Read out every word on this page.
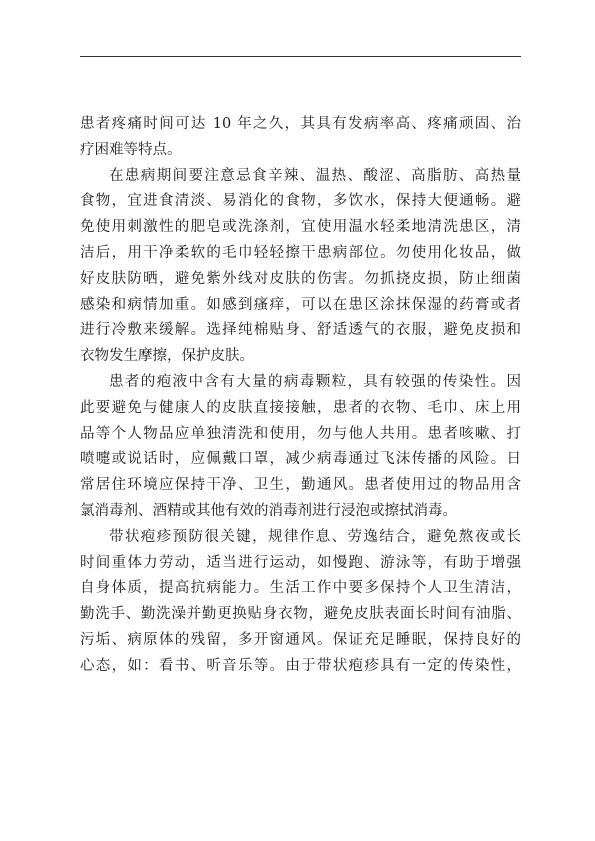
患者疼痛时间可达 10 年之久，其具有发病率高、疼痛顽固、治
疗困难等特点。
在患病期间要注意忌食辛辣、温热、酸涩、高脂肪、高热量
食物，宜进食清淡、易消化的食物，多饮水，保持大便通畅。避
免使用刺激性的肥皂或洗涤剂，宜使用温水轻柔地清洗患区，清
洁后，用干净柔软的毛巾轻轻擦干患病部位。勿使用化妆品，做
好皮肤防晒，避免紫外线对皮肤的伤害。勿抓挠皮损，防止细菌
感染和病情加重。如感到瘙痒，可以在患区涂抹保湿的药膏或者
进行冷敷来缓解。选择纯棉贴身、舒适透气的衣服，避免皮损和
衣物发生摩擦，保护皮肤。
患者的疱液中含有大量的病毒颗粒，具有较强的传染性。因
此要避免与健康人的皮肤直接接触，患者的衣物、毛巾、床上用
品等个人物品应单独清洗和使用，勿与他人共用。患者咳嗽、打
喷嚏或说话时，应佩戴口罩，减少病毒通过飞沫传播的风险。日
常居住环境应保持干净、卫生，勤通风。患者使用过的物品用含
氯消毒剂、酒精或其他有效的消毒剂进行浸泡或擦拭消毒。
带状疱疹预防很关键，规律作息、劳逸结合，避免熬夜或长
时间重体力劳动，适当进行运动，如慢跑、游泳等，有助于增强
自身体质，提高抗病能力。生活工作中要多保持个人卫生清洁，
勤洗手、勤洗澡并勤更换贴身衣物，避免皮肤表面长时间有油脂、
污垢、病原体的残留，多开窗通风。保证充足睡眠，保持良好的
心态，如：看书、听音乐等。由于带状疱疹具有一定的传染性，
